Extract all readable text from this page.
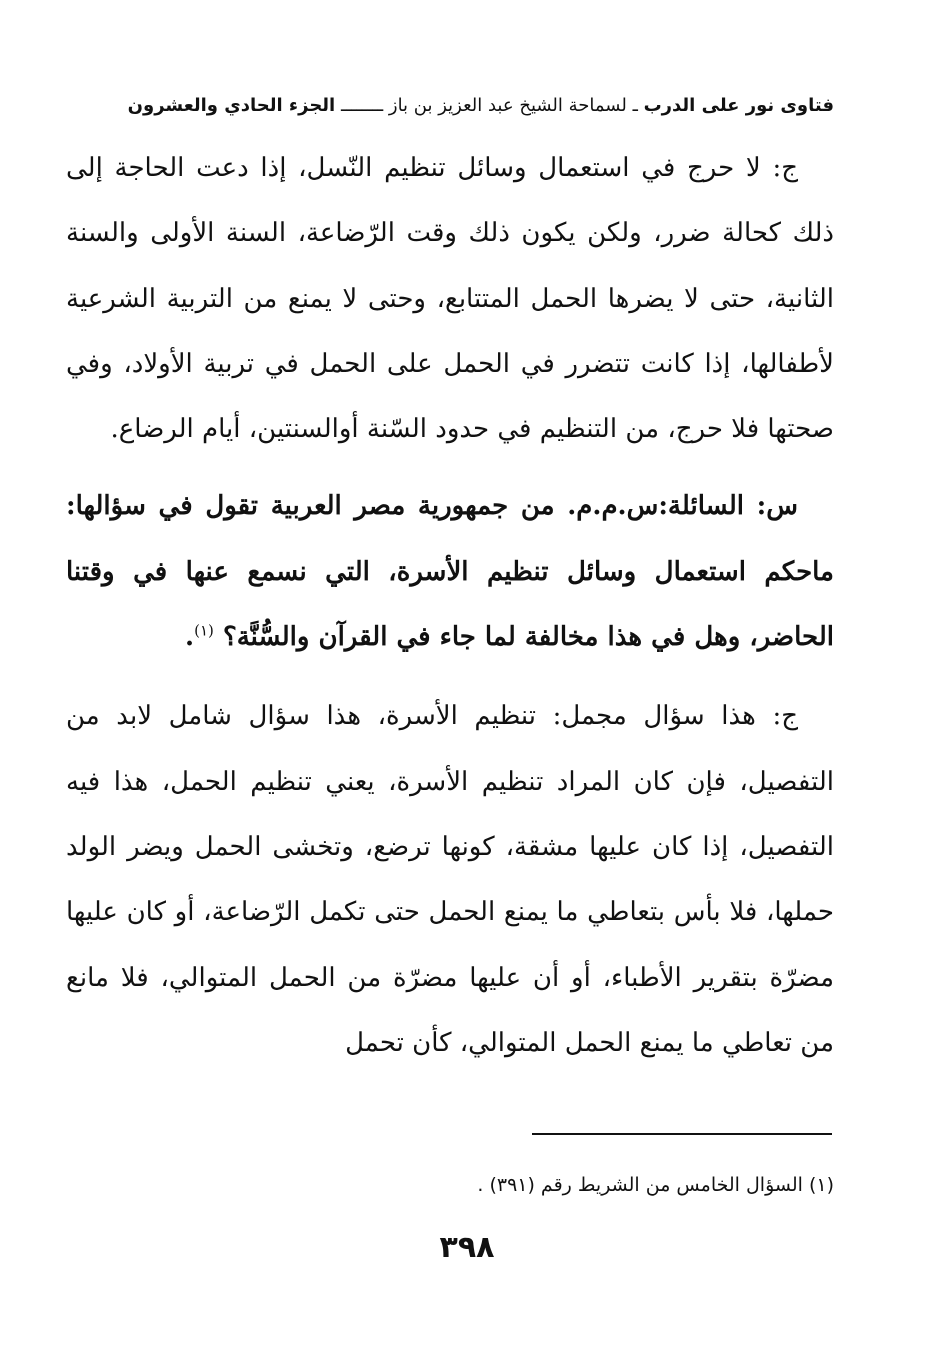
فتاوى نور على الدرب ـ لسماحة الشيخ عبد العزيز بن باز ــــــــ الجزء الحادي والعشرون

ج: لا حرج في استعمال وسائل تنظيم النّسل، إذا دعت الحاجة إلى ذلك كحالة ضرر، ولكن يكون ذلك وقت الرّضاعة، السنة الأولى والسنة الثانية، حتى لا يضرها الحمل المتتابع، وحتى لا يمنع من التربية الشرعية لأطفالها، إذا كانت تتضرر في الحمل على الحمل في تربية الأولاد، وفي صحتها فلا حرج، من التنظيم في حدود السّنة أوالسنتين، أيام الرضاع.

س: السائلة:س.م.م. من جمهورية مصر العربية تقول في سؤالها: ماحكم استعمال وسائل تنظيم الأسرة، التي نسمع عنها في وقتنا الحاضر، وهل في هذا مخالفة لما جاء في القرآن والسُّنَّة؟ $^{(١)}$.

ج: هذا سؤال مجمل: تنظيم الأسرة، هذا سؤال شامل لابد من التفصيل، فإن كان المراد تنظيم الأسرة، يعني تنظيم الحمل، هذا فيه التفصيل، إذا كان عليها مشقة، كونها ترضع، وتخشى الحمل ويضر الولد حملها، فلا بأس بتعاطي ما يمنع الحمل حتى تكمل الرّضاعة، أو كان عليها مضرّة بتقرير الأطباء، أو أن عليها مضرّة من الحمل المتوالي، فلا مانع من تعاطي ما يمنع الحمل المتوالي، كأن تحمل

(١) السؤال الخامس من الشريط رقم (٣٩١) .
٣٩٨
